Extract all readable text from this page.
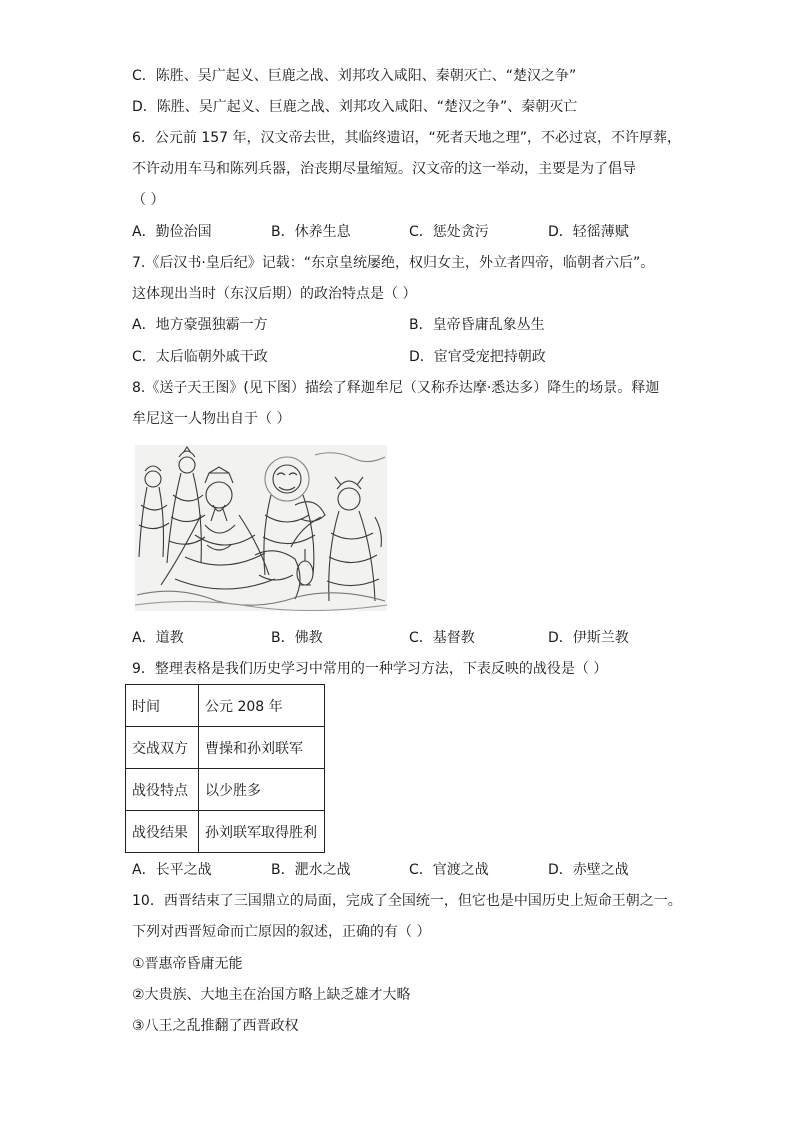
C．陈胜、吴广起义、巨鹿之战、刘邦攻入咸阳、秦朝灭亡、“楚汉之争”
D．陈胜、吴广起义、巨鹿之战、刘邦攻入咸阳、“楚汉之争”、秦朝灭亡
6．公元前 157 年，汉文帝去世，其临终遗诏，“死者天地之理”，不必过哀，不许厚葬，
不许动用车马和陈列兵器，治丧期尽量缩短。汉文帝的这一举动，主要是为了倡导
（ ）
A．勤俭治国	B．休养生息	C．惩处贪污	D．轻徭薄赋
7.《后汉书·皇后纪》记载：“东京皇统屡绝，权归女主，外立者四帝，临朝者六后”。
这体现出当时（东汉后期）的政治特点是（ ）
A．地方豪强独霸一方	B．皇帝昏庸乱象丛生
C．太后临朝外戚干政	D．宦官受宠把持朝政
8.《送子天王图》(见下图）描绘了释迦牟尼（又称乔达摩·悉达多）降生的场景。释迦
牟尼这一人物出自于（ ）
A．道教	B．佛教	C．基督教	D．伊斯兰教
9．整理表格是我们历史学习中常用的一种学习方法，下表反映的战役是（ ）
时间	公元 208 年
交战双方	曹操和孙刘联军
战役特点	以少胜多
战役结果	孙刘联军取得胜利
A．长平之战	B．淝水之战	C．官渡之战	D．赤壁之战
10．西晋结束了三国鼎立的局面，完成了全国统一，但它也是中国历史上短命王朝之一。
下列对西晋短命而亡原因的叙述，正确的有（ ）
①晋惠帝昏庸无能
②大贵族、大地主在治国方略上缺乏雄才大略
③八王之乱推翻了西晋政权
